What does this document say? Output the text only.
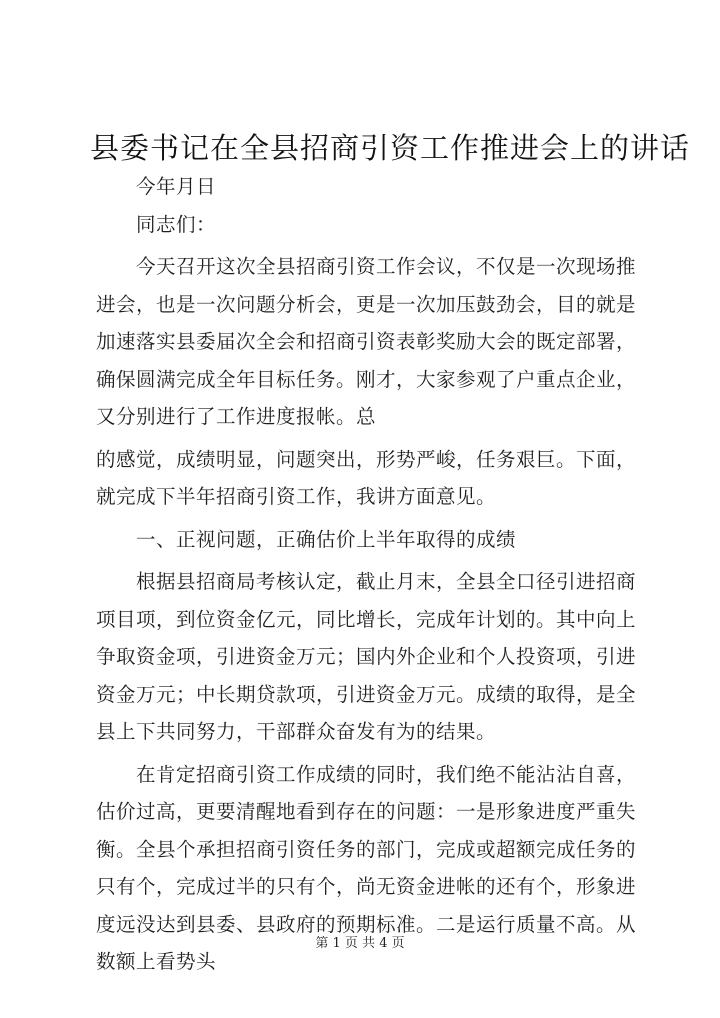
县委书记在全县招商引资工作推进会上的讲话

今年月日

同志们：

今天召开这次全县招商引资工作会议，不仅是一次现场推进会，也是一次问题分析会，更是一次加压鼓劲会，目的就是加速落实县委届次全会和招商引资表彰奖励大会的既定部署，确保圆满完成全年目标任务。刚才，大家参观了户重点企业，又分别进行了工作进度报帐。总

的感觉，成绩明显，问题突出，形势严峻，任务艰巨。下面，就完成下半年招商引资工作，我讲方面意见。

一、正视问题，正确估价上半年取得的成绩

根据县招商局考核认定，截止月末，全县全口径引进招商项目项，到位资金亿元，同比增长，完成年计划的。其中向上争取资金项，引进资金万元；国内外企业和个人投资项，引进资金万元；中长期贷款项，引进资金万元。成绩的取得，是全县上下共同努力，干部群众奋发有为的结果。

在肯定招商引资工作成绩的同时，我们绝不能沾沾自喜，估价过高，更要清醒地看到存在的问题：一是形象进度严重失衡。全县个承担招商引资任务的部门，完成或超额完成任务的只有个，完成过半的只有个，尚无资金进帐的还有个，形象进度远没达到县委、县政府的预期标准。二是运行质量不高。从数额上看势头

第 1 页 共 4 页
